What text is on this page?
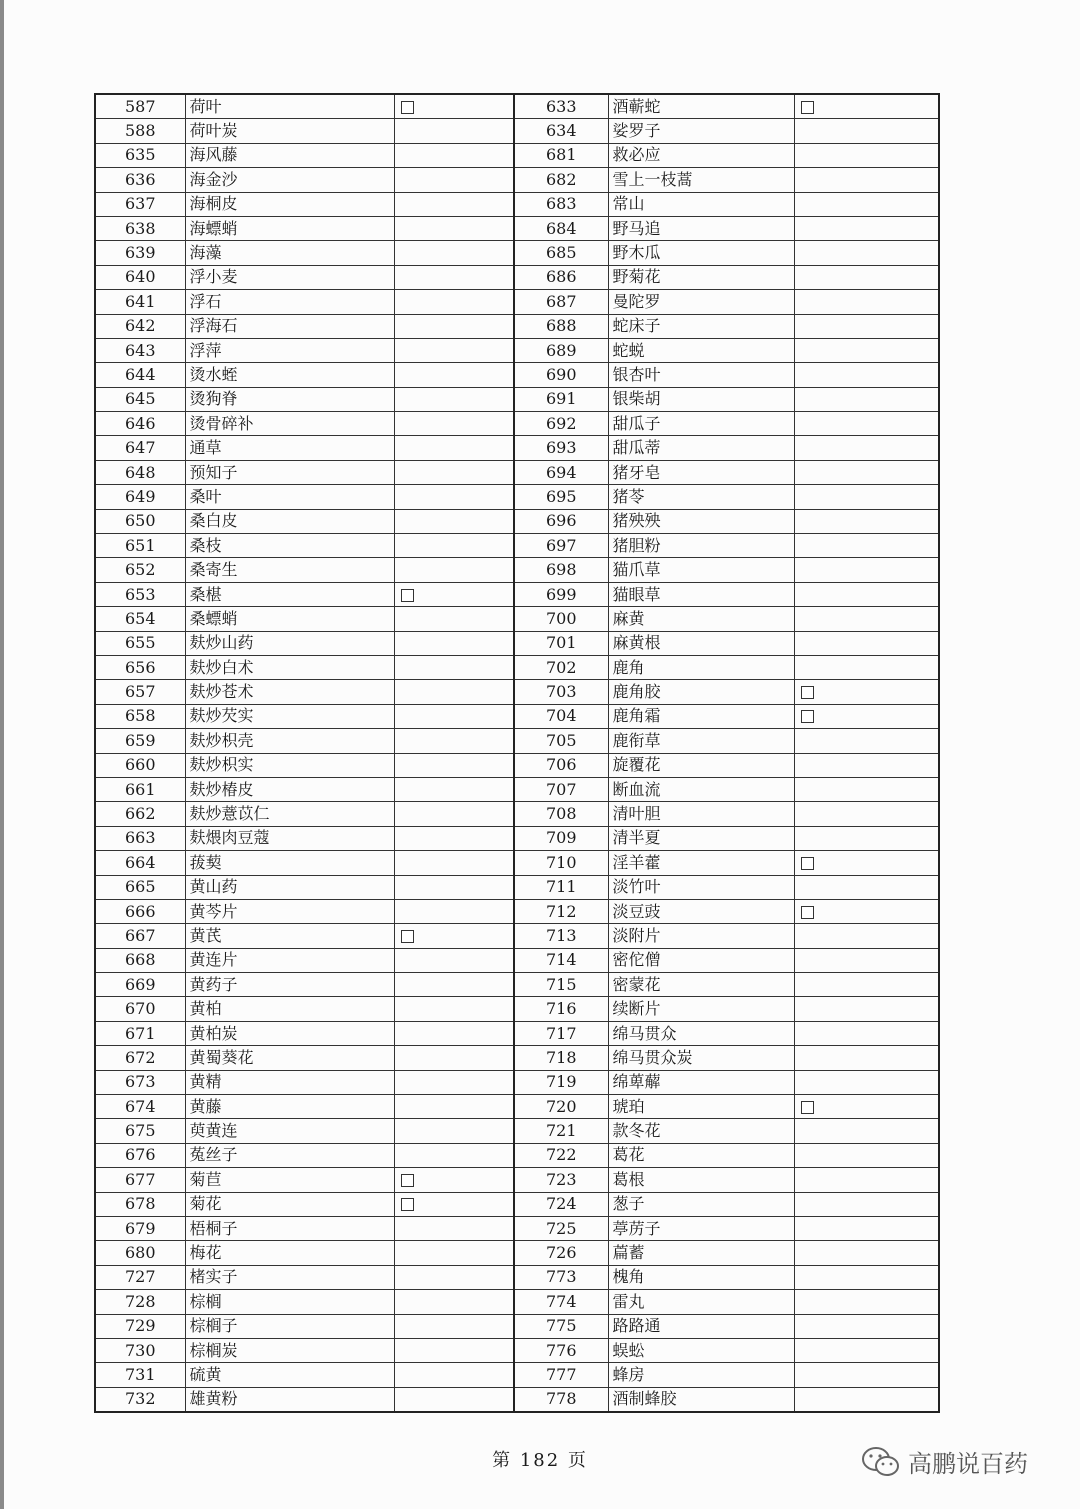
587	荷叶		633	酒蕲蛇	
588	荷叶炭		634	娑罗子	
635	海风藤		681	救必应	
636	海金沙		682	雪上一枝蒿	
637	海桐皮		683	常山	
638	海螵蛸		684	野马追	
639	海藻		685	野木瓜	
640	浮小麦		686	野菊花	
641	浮石		687	曼陀罗	
642	浮海石		688	蛇床子	
643	浮萍		689	蛇蜕	
644	烫水蛭		690	银杏叶	
645	烫狗脊		691	银柴胡	
646	烫骨碎补		692	甜瓜子	
647	通草		693	甜瓜蒂	
648	预知子		694	猪牙皂	
649	桑叶		695	猪苓	
650	桑白皮		696	猪殃殃	
651	桑枝		697	猪胆粉	
652	桑寄生		698	猫爪草	
653	桑椹		699	猫眼草	
654	桑螵蛸		700	麻黄	
655	麸炒山药		701	麻黄根	
656	麸炒白术		702	鹿角	
657	麸炒苍术		703	鹿角胶	
658	麸炒芡实		704	鹿角霜	
659	麸炒枳壳		705	鹿衔草	
660	麸炒枳实		706	旋覆花	
661	麸炒椿皮		707	断血流	
662	麸炒薏苡仁		708	清叶胆	
663	麸煨肉豆蔻		709	清半夏	
664	菝葜		710	淫羊藿	
665	黄山药		711	淡竹叶	
666	黄芩片		712	淡豆豉	
667	黄芪		713	淡附片	
668	黄连片		714	密佗僧	
669	黄药子		715	密蒙花	
670	黄柏		716	续断片	
671	黄柏炭		717	绵马贯众	
672	黄蜀葵花		718	绵马贯众炭	
673	黄精		719	绵萆薢	
674	黄藤		720	琥珀	
675	萸黄连		721	款冬花	
676	菟丝子		722	葛花	
677	菊苣		723	葛根	
678	菊花		724	葱子	
679	梧桐子		725	葶苈子	
680	梅花		726	萹蓄	
727	楮实子		773	槐角	
728	棕榈		774	雷丸	
729	棕榈子		775	路路通	
730	棕榈炭		776	蜈蚣	
731	硫黄		777	蜂房	
732	雄黄粉		778	酒制蜂胶	
第 182 页	高鹏说百药
